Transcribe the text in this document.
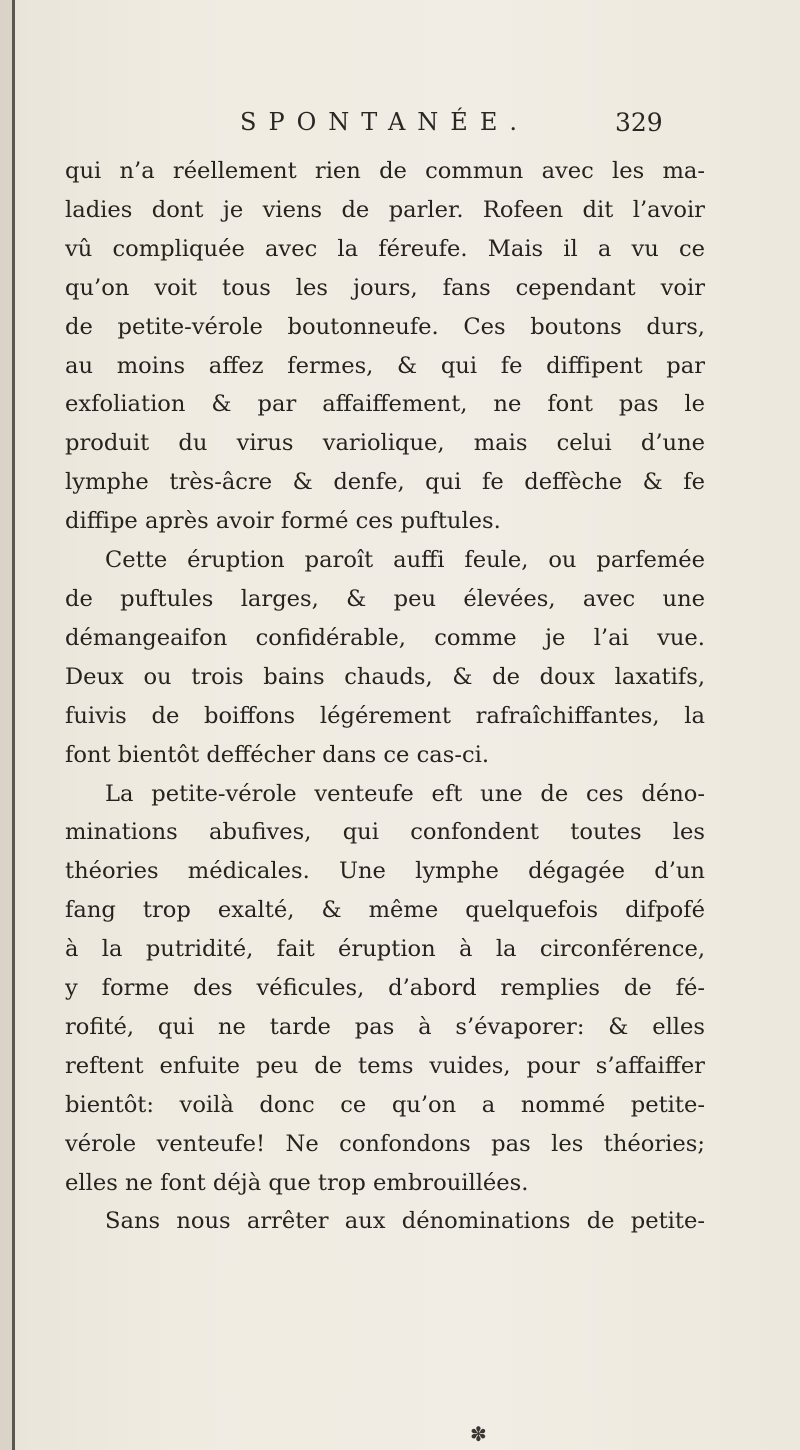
SPONTANÉE.	329
qui n’a réellement rien de commun avec les ma-
ladies dont je viens de parler. Rofeen dit l’avoir
vû compliquée avec la féreufe. Mais il a vu ce
qu’on voit tous les jours, fans cependant voir
de petite-vérole boutonneufe. Ces boutons durs,
au moins affez fermes, & qui fe diffipent par
exfoliation & par affaiffement, ne font pas le
produit du virus variolique, mais celui d’une
lymphe très-âcre & denfe, qui fe deffèche & fe
diffipe après avoir formé ces puftules.
Cette éruption paroît auffi feule, ou parfemée
de puftules larges, & peu élevées, avec une
démangeaifon confidérable, comme je l’ai vue.
Deux ou trois bains chauds, & de doux laxatifs,
fuivis de boiffons légérement rafraîchiffantes, la
font bientôt deffécher dans ce cas-ci.
La petite-vérole venteufe eft une de ces déno-
minations abufives, qui confondent toutes les
théories médicales. Une lymphe dégagée d’un
fang trop exalté, & même quelquefois difpofé
à la putridité, fait éruption à la circonférence,
y forme des véficules, d’abord remplies de fé-
rofité, qui ne tarde pas à s’évaporer: & elles
reftent enfuite peu de tems vuides, pour s’affaiffer
bientôt: voilà donc ce qu’on a nommé petite-
vérole venteufe! Ne confondons pas les théories;
elles ne font déjà que trop embrouillées.
Sans nous arrêter aux dénominations de petite-
✽
